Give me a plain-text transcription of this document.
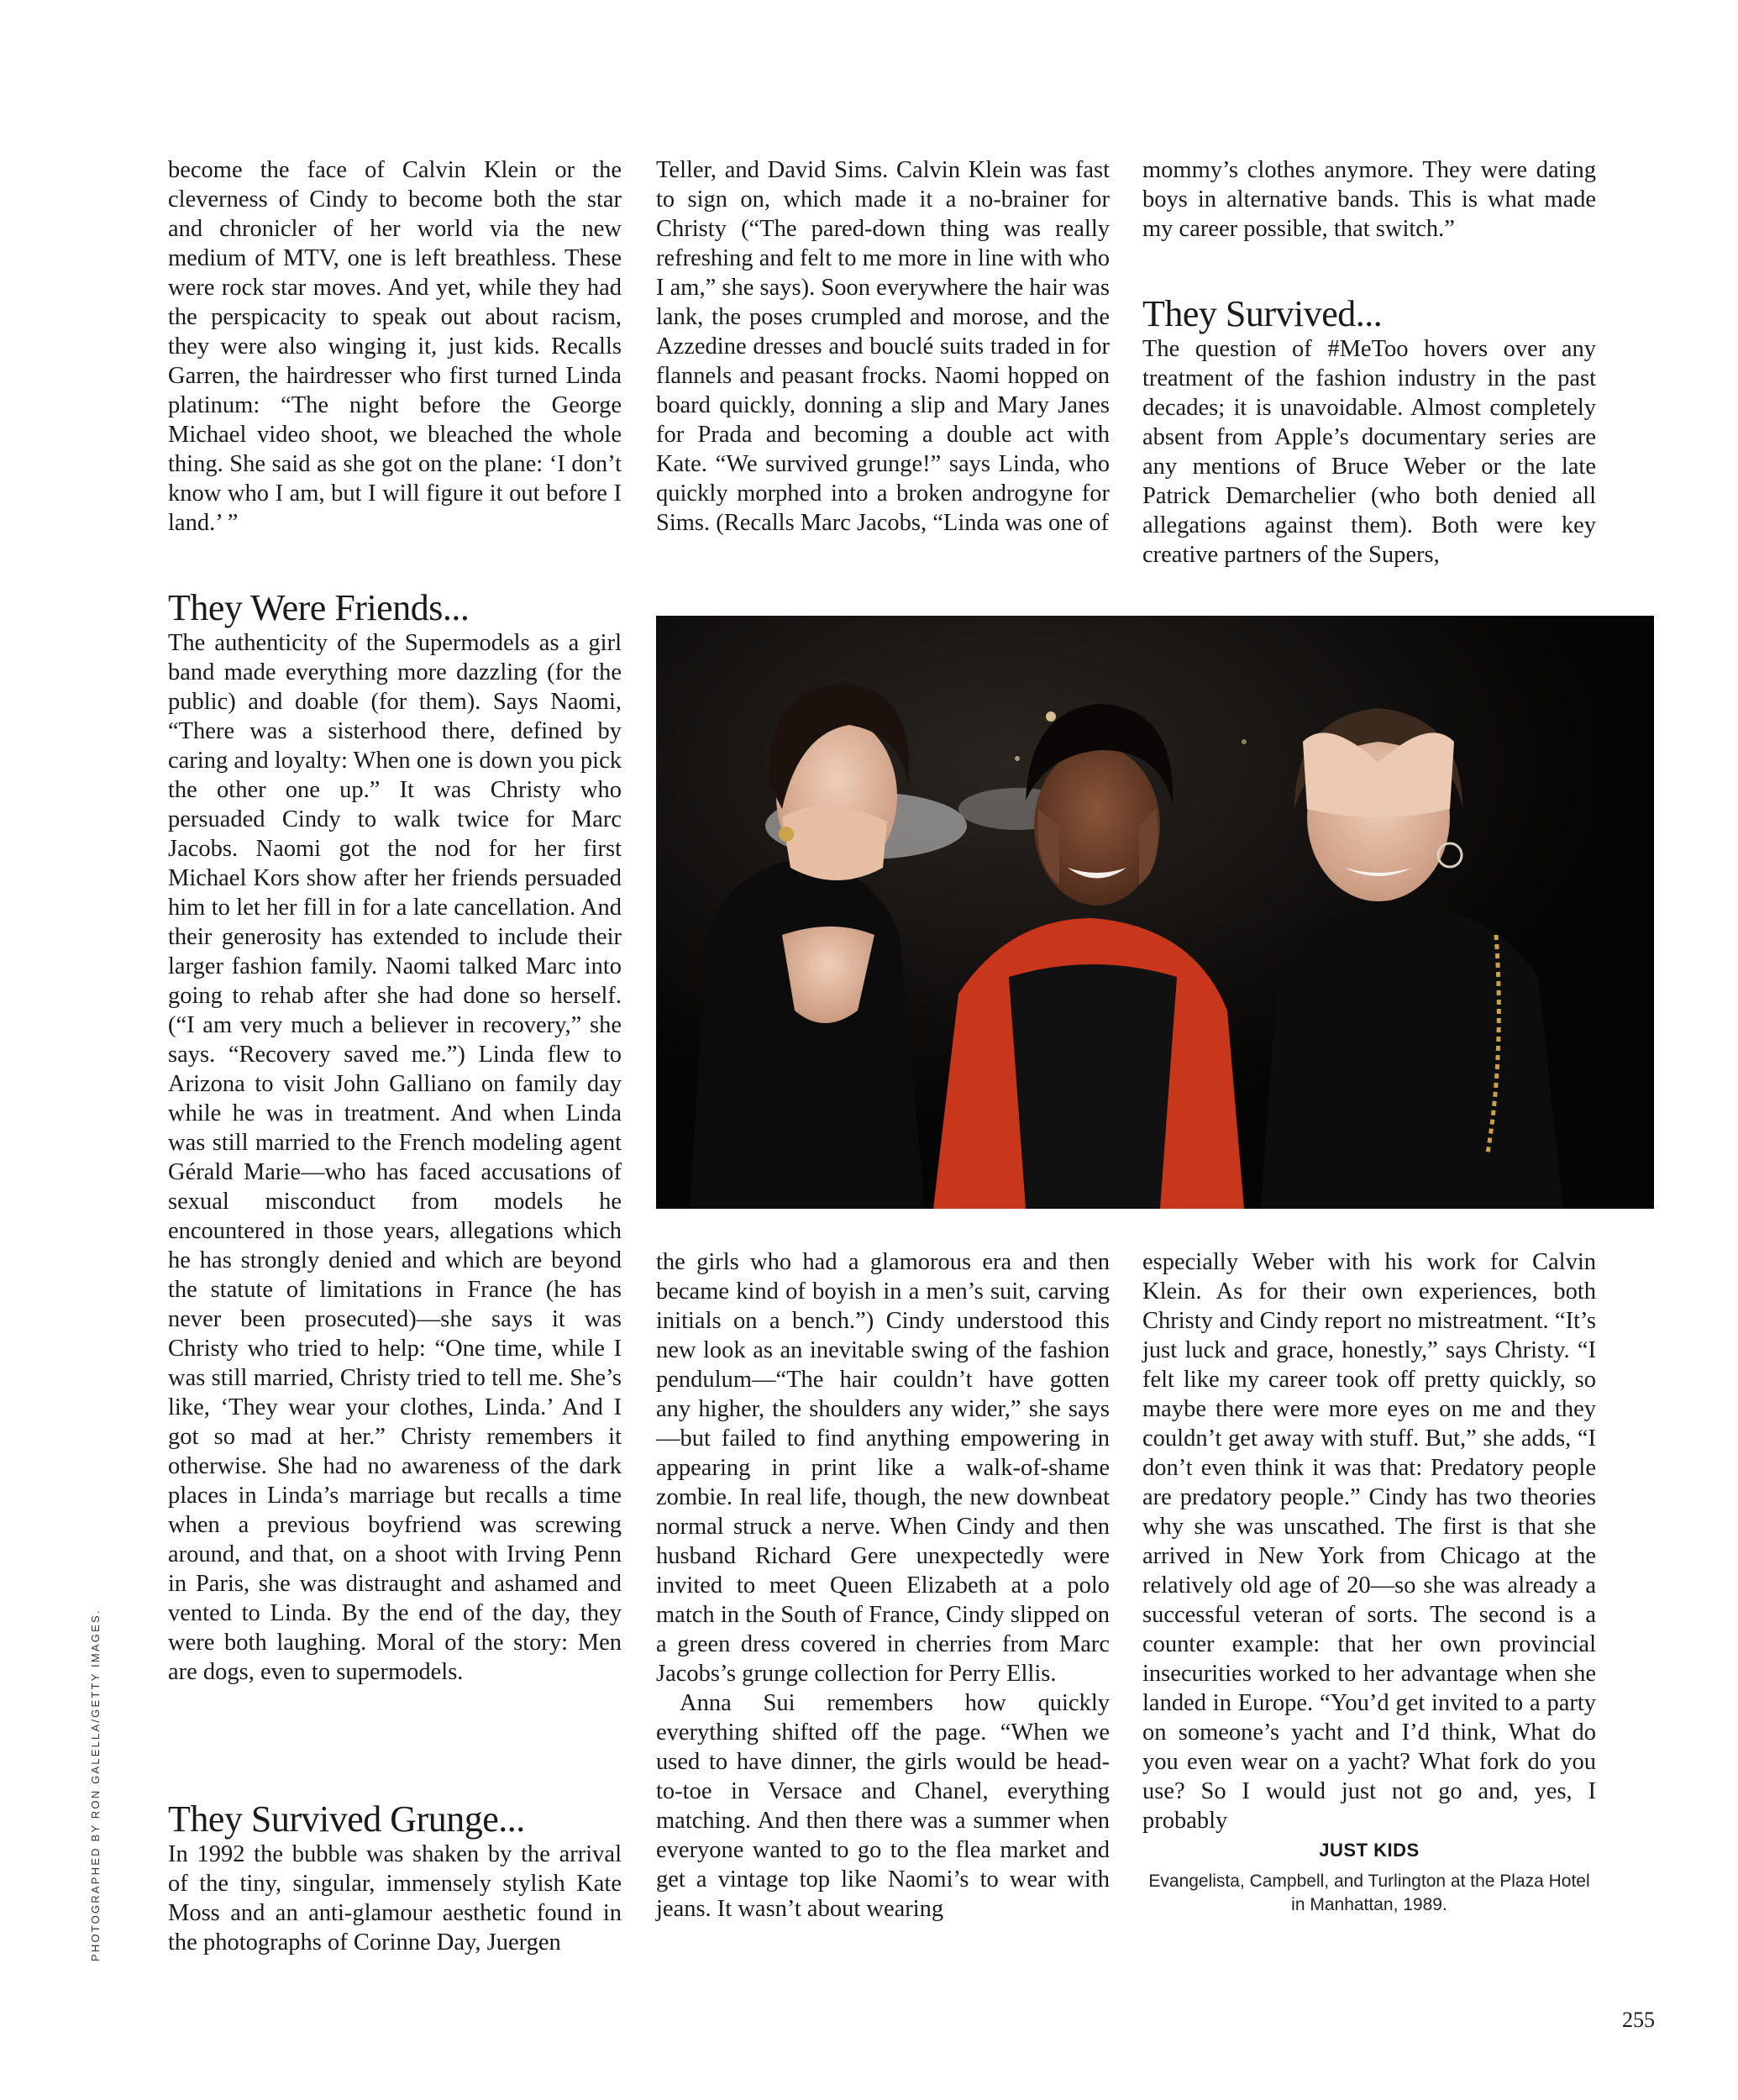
become the face of Calvin Klein or the cleverness of Cindy to become both the star and chronicler of her world via the new medium of MTV, one is left breathless. These were rock star moves. And yet, while they had the perspicacity to speak out about racism, they were also winging it, just kids. Recalls Garren, the hairdresser who first turned Linda platinum: “The night before the George Michael video shoot, we bleached the whole thing. She said as she got on the plane: ‘I don’t know who I am, but I will figure it out before I land.’ ”

They Were Friends...

The authenticity of the Supermodels as a girl band made everything more dazzling (for the public) and doable (for them). Says Naomi, “There was a sisterhood there, defined by caring and loyalty: When one is down you pick the other one up.” It was Christy who persuaded Cindy to walk twice for Marc Jacobs. Naomi got the nod for her first Michael Kors show after her friends persuaded him to let her fill in for a late cancellation. And their generosity has extended to include their larger fashion family. Naomi talked Marc into going to rehab after she had done so herself. (“I am very much a believer in recovery,” she says. “Recovery saved me.”) Linda flew to Arizona to visit John Galliano on family day while he was in treatment. And when Linda was still married to the French modeling agent Gérald Marie—who has faced accusations of sexual misconduct from models he encountered in those years, allegations which he has strongly denied and which are beyond the statute of limitations in France (he has never been prosecuted)—she says it was Christy who tried to help: “One time, while I was still married, Christy tried to tell me. She’s like, ‘They wear your clothes, Linda.’ And I got so mad at her.” Christy remembers it otherwise. She had no awareness of the dark places in Linda’s marriage but recalls a time when a previous boyfriend was screwing around, and that, on a shoot with Irving Penn in Paris, she was distraught and ashamed and vented to Linda. By the end of the day, they were both laughing. Moral of the story: Men are dogs, even to supermodels.

They Survived Grunge...

In 1992 the bubble was shaken by the arrival of the tiny, singular, immensely stylish Kate Moss and an anti-glamour aesthetic found in the photographs of Corinne Day, Juergen

Teller, and David Sims. Calvin Klein was fast to sign on, which made it a no-brainer for Christy (“The pared-down thing was really refreshing and felt to me more in line with who I am,” she says). Soon everywhere the hair was lank, the poses crumpled and morose, and the Azzedine dresses and bouclé suits traded in for flannels and peasant frocks. Naomi hopped on board quickly, donning a slip and Mary Janes for Prada and becoming a double act with Kate. “We survived grunge!” says Linda, who quickly morphed into a broken androgyne for Sims. (Recalls Marc Jacobs, “Linda was one of

the girls who had a glamorous era and then became kind of boyish in a men’s suit, carving initials on a bench.”) Cindy understood this new look as an inevitable swing of the fashion pendulum—“The hair couldn’t have gotten any higher, the shoulders any wider,” she says—but failed to find anything empowering in appearing in print like a walk-of-shame zombie. In real life, though, the new downbeat normal struck a nerve. When Cindy and then husband Richard Gere unexpectedly were invited to meet Queen Elizabeth at a polo match in the South of France, Cindy slipped on a green dress covered in cherries from Marc Jacobs’s grunge collection for Perry Ellis.

Anna Sui remembers how quickly everything shifted off the page. “When we used to have dinner, the girls would be head-to-toe in Versace and Chanel, everything matching. And then there was a summer when everyone wanted to go to the flea market and get a vintage top like Naomi’s to wear with jeans. It wasn’t about wearing

mommy’s clothes anymore. They were dating boys in alternative bands. This is what made my career possible, that switch.”

They Survived...

The question of #MeToo hovers over any treatment of the fashion industry in the past decades; it is unavoidable. Almost completely absent from Apple’s documentary series are any mentions of Bruce Weber or the late Patrick Demarchelier (who both denied all allegations against them). Both were key creative partners of the Supers,

especially Weber with his work for Calvin Klein. As for their own experiences, both Christy and Cindy report no mistreatment. “It’s just luck and grace, honestly,” says Christy. “I felt like my career took off pretty quickly, so maybe there were more eyes on me and they couldn’t get away with stuff. But,” she adds, “I don’t even think it was that: Predatory people are predatory people.” Cindy has two theories why she was unscathed. The first is that she arrived in New York from Chicago at the relatively old age of 20—so she was already a successful veteran of sorts. The second is a counter example: that her own provincial insecurities worked to her advantage when she landed in Europe. “You’d get invited to a party on someone’s yacht and I’d think, What do you even wear on a yacht? What fork do you use? So I would just not go and, yes, I probably

PHOTOGRAPHED BY RON GALELLA/GETTY IMAGES.	JUST KIDS
Evangelista, Campbell, and Turlington at the Plaza Hotel in Manhattan, 1989.
255
